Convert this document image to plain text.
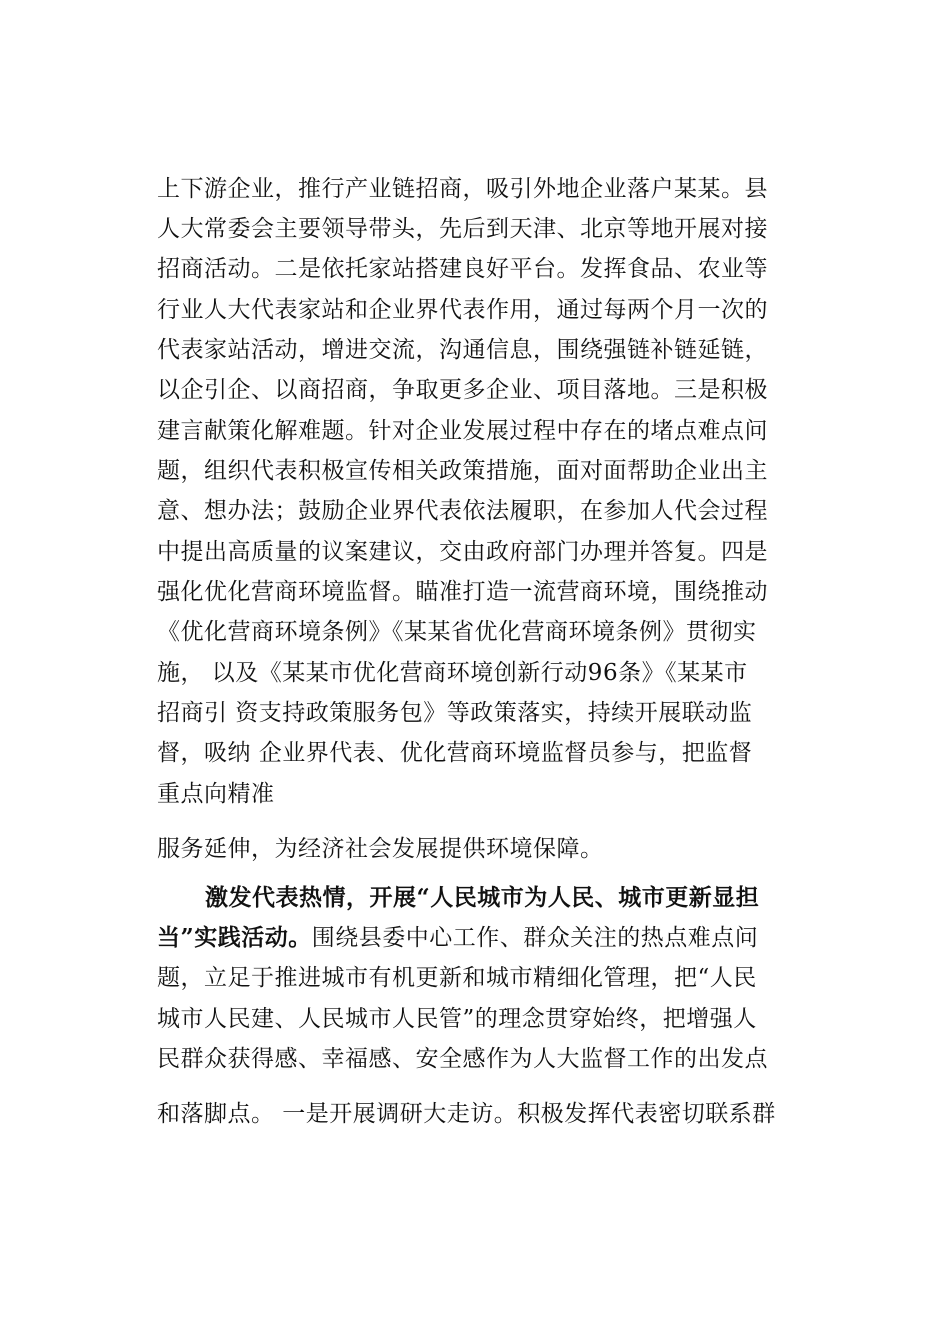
上下游企业，推行产业链招商，吸引外地企业落户某某。县
人大常委会主要领导带头，先后到天津、北京等地开展对接
招商活动。二是依托家站搭建良好平台。发挥食品、农业等
行业人大代表家站和企业界代表作用，通过每两个月一次的
代表家站活动，增进交流，沟通信息，围绕强链补链延链，
以企引企、以商招商，争取更多企业、项目落地。三是积极
建言献策化解难题。针对企业发展过程中存在的堵点难点问
题，组织代表积极宣传相关政策措施，面对面帮助企业出主
意、想办法；鼓励企业界代表依法履职，在参加人代会过程
中提出高质量的议案建议，交由政府部门办理并答复。四是
强化优化营商环境监督。瞄准打造一流营商环境，围绕推动
《优化营商环境条例》《某某省优化营商环境条例》贯彻实
施， 以及《某某市优化营商环境创新行动96条》《某某市
招商引 资支持政策服务包》等政策落实，持续开展联动监
督，吸纳 企业界代表、优化营商环境监督员参与，把监督
重点向精准
服务延伸，为经济社会发展提供环境保障。
激发代表热情，开展“人民城市为人民、城市更新显担
当”实践活动。围绕县委中心工作、群众关注的热点难点问
题，立足于推进城市有机更新和城市精细化管理，把“人民
城市人民建、人民城市人民管”的理念贯穿始终，把增强人
民群众获得感、幸福感、安全感作为人大监督工作的出发点
和落脚点。 一是开展调研大走访。积极发挥代表密切联系群
